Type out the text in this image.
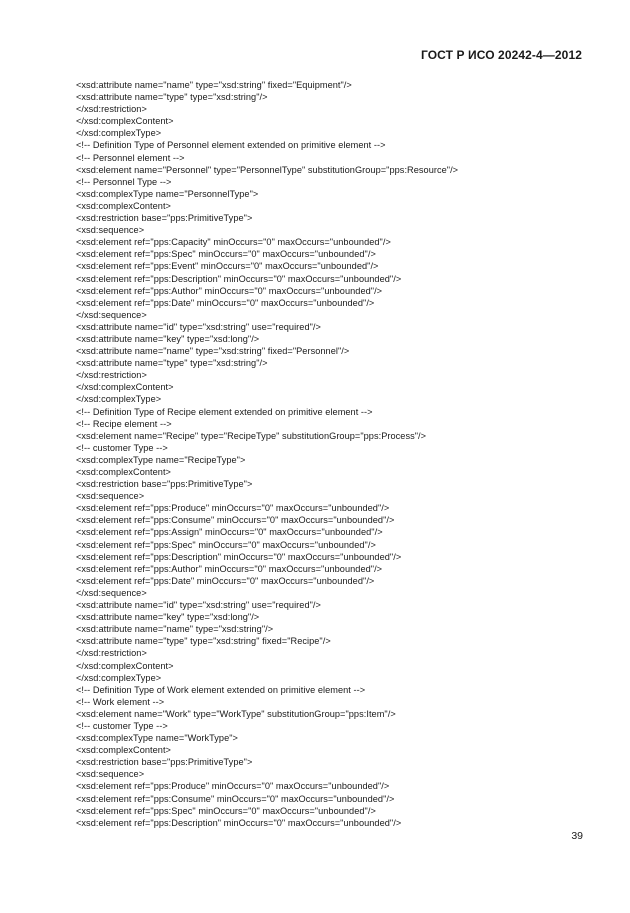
ГОСТ Р ИСО 20242-4—2012
<xsd:attribute name="name" type="xsd:string" fixed="Equipment"/>
<xsd:attribute name="type" type="xsd:string"/>
</xsd:restriction>
</xsd:complexContent>
</xsd:complexType>
<!-- Definition Type of Personnel element extended on primitive element -->
<!-- Personnel element -->
<xsd:element name="Personnel" type="PersonnelType" substitutionGroup="pps:Resource"/>
<!-- Personnel Type -->
<xsd:complexType name="PersonnelType">
<xsd:complexContent>
<xsd:restriction base="pps:PrimitiveType">
<xsd:sequence>
<xsd:element ref="pps:Capacity" minOccurs="0" maxOccurs="unbounded"/>
<xsd:element ref="pps:Spec" minOccurs="0" maxOccurs="unbounded"/>
<xsd:element ref="pps:Event" minOccurs="0" maxOccurs="unbounded"/>
<xsd:element ref="pps:Description" minOccurs="0" maxOccurs="unbounded"/>
<xsd:element ref="pps:Author" minOccurs="0" maxOccurs="unbounded"/>
<xsd:element ref="pps:Date" minOccurs="0" maxOccurs="unbounded"/>
</xsd:sequence>
<xsd:attribute name="id" type="xsd:string" use="required"/>
<xsd:attribute name="key" type="xsd:long"/>
<xsd:attribute name="name" type="xsd:string" fixed="Personnel"/>
<xsd:attribute name="type" type="xsd:string"/>
</xsd:restriction>
</xsd:complexContent>
</xsd:complexType>
<!-- Definition Type of Recipe element extended on primitive element -->
<!-- Recipe element -->
<xsd:element name="Recipe" type="RecipeType" substitutionGroup="pps:Process"/>
<!-- customer Type -->
<xsd:complexType name="RecipeType">
<xsd:complexContent>
<xsd:restriction base="pps:PrimitiveType">
<xsd:sequence>
<xsd:element ref="pps:Produce" minOccurs="0" maxOccurs="unbounded"/>
<xsd:element ref="pps:Consume" minOccurs="0" maxOccurs="unbounded"/>
<xsd:element ref="pps:Assign" minOccurs="0" maxOccurs="unbounded"/>
<xsd:element ref="pps:Spec" minOccurs="0" maxOccurs="unbounded"/>
<xsd:element ref="pps:Description" minOccurs="0" maxOccurs="unbounded"/>
<xsd:element ref="pps:Author" minOccurs="0" maxOccurs="unbounded"/>
<xsd:element ref="pps:Date" minOccurs="0" maxOccurs="unbounded"/>
</xsd:sequence>
<xsd:attribute name="id" type="xsd:string" use="required"/>
<xsd:attribute name="key" type="xsd:long"/>
<xsd:attribute name="name" type="xsd:string"/>
<xsd:attribute name="type" type="xsd:string" fixed="Recipe"/>
</xsd:restriction>
</xsd:complexContent>
</xsd:complexType>
<!-- Definition Type of Work element extended on primitive element -->
<!-- Work element -->
<xsd:element name="Work" type="WorkType" substitutionGroup="pps:Item"/>
<!-- customer Type -->
<xsd:complexType name="WorkType">
<xsd:complexContent>
<xsd:restriction base="pps:PrimitiveType">
<xsd:sequence>
<xsd:element ref="pps:Produce" minOccurs="0" maxOccurs="unbounded"/>
<xsd:element ref="pps:Consume" minOccurs="0" maxOccurs="unbounded"/>
<xsd:element ref="pps:Spec" minOccurs="0" maxOccurs="unbounded"/>
<xsd:element ref="pps:Description" minOccurs="0" maxOccurs="unbounded"/>
39
